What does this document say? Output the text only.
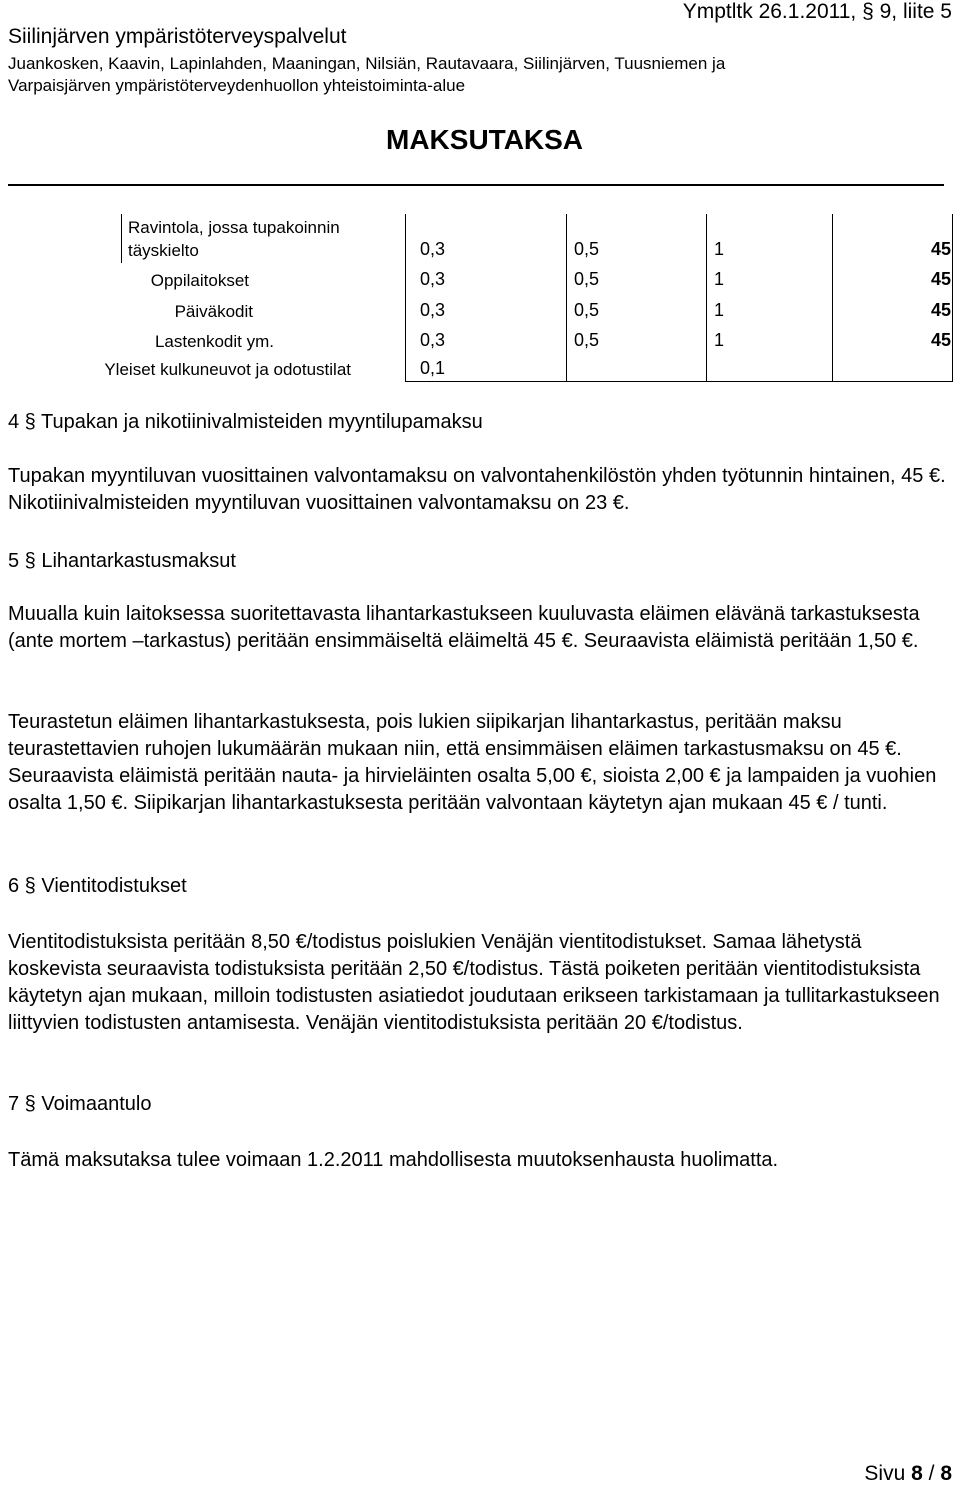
Ymptltk 26.1.2011, § 9, liite 5
Siilinjärven ympäristöterveyspalvelut
Juankosken, Kaavin, Lapinlahden, Maaningan, Nilsiän, Rautavaara, Siilinjärven, Tuusniemen ja
Varpaisjärven ympäristöterveydenhuollon yhteistoiminta-alue
MAKSUTAKSA
Ravintola, jossa tupakoinnin
täyskielto	0,3	0,5	1	45
Oppilaitokset	0,3	0,5	1	45
Päiväkodit	0,3	0,5	1	45
Lastenkodit ym.	0,3	0,5	1	45
Yleiset kulkuneuvot ja odotustilat	0,1
4 § Tupakan ja nikotiinivalmisteiden myyntilupamaksu

Tupakan myyntiluvan vuosittainen valvontamaksu on valvontahenkilöstön yhden työtunnin hintainen, 45 €. Nikotiinivalmisteiden myyntiluvan vuosittainen valvontamaksu on 23 €.

5 § Lihantarkastusmaksut

Muualla kuin laitoksessa suoritettavasta lihantarkastukseen kuuluvasta eläimen elävänä tarkastuksesta (ante mortem –tarkastus) peritään ensimmäiseltä eläimeltä 45 €. Seuraavista eläimistä peritään 1,50 €.

Teurastetun eläimen lihantarkastuksesta, pois lukien siipikarjan lihantarkastus, peritään maksu teurastettavien ruhojen lukumäärän mukaan niin, että ensimmäisen eläimen tarkastusmaksu on 45 €. Seuraavista eläimistä peritään nauta- ja hirvieläinten osalta 5,00 €, sioista 2,00 € ja lampaiden ja vuohien osalta 1,50 €. Siipikarjan lihantarkastuksesta peritään valvontaan käytetyn ajan mukaan 45 € / tunti.

6 § Vientitodistukset

Vientitodistuksista peritään 8,50 €/todistus poislukien Venäjän vientitodistukset. Samaa lähetystä koskevista seuraavista todistuksista peritään 2,50 €/todistus. Tästä poiketen peritään vientitodistuksista käytetyn ajan mukaan, milloin todistusten asiatiedot joudutaan erikseen tarkistamaan ja tullitarkastukseen liittyvien todistusten antamisesta. Venäjän vientitodistuksista peritään 20 €/todistus.

7 § Voimaantulo

Tämä maksutaksa tulee voimaan 1.2.2011 mahdollisesta muutoksenhausta huolimatta.

Sivu 8 / 8
